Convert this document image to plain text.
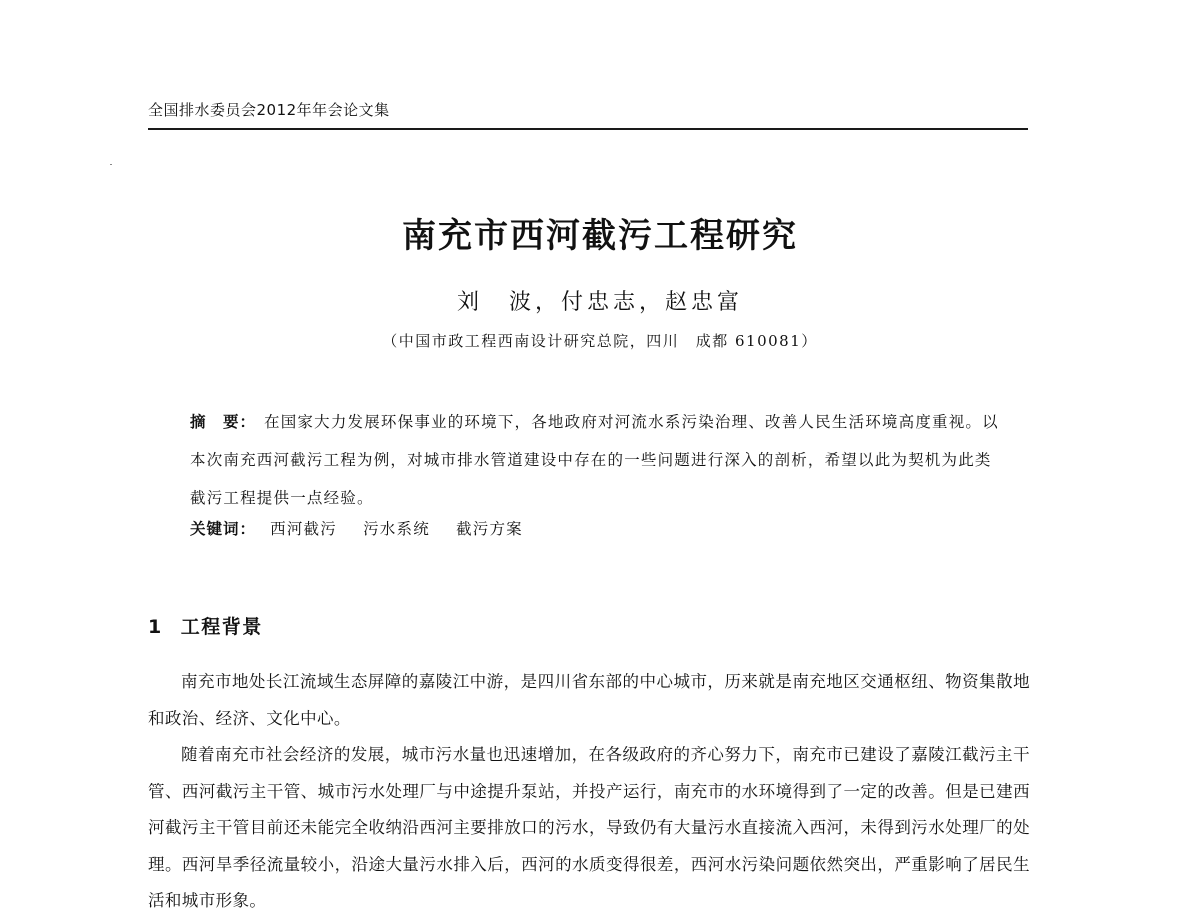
全国排水委员会2012年年会论文集
南充市西河截污工程研究
刘　波，付忠志，赵忠富
（中国市政工程西南设计研究总院，四川　成都 610081）

摘　要： 在国家大力发展环保事业的环境下，各地政府对河流水系污染治理、改善人民生活环境高度重视。以本次南充西河截污工程为例，对城市排水管道建设中存在的一些问题进行深入的剖析，希望以此为契机为此类截污工程提供一点经验。

关键词： 西河截污 污水系统 截污方案
1 工程背景

南充市地处长江流域生态屏障的嘉陵江中游，是四川省东部的中心城市，历来就是南充地区交通枢纽、物资集散地和政治、经济、文化中心。

随着南充市社会经济的发展，城市污水量也迅速增加，在各级政府的齐心努力下，南充市已建设了嘉陵江截污主干管、西河截污主干管、城市污水处理厂与中途提升泵站，并投产运行，南充市的水环境得到了一定的改善。但是已建西河截污主干管目前还未能完全收纳沿西河主要排放口的污水，导致仍有大量污水直接流入西河，未得到污水处理厂的处理。西河旱季径流量较小，沿途大量污水排入后，西河的水质变得很差，西河水污染问题依然突出，严重影响了居民生活和城市形象。
